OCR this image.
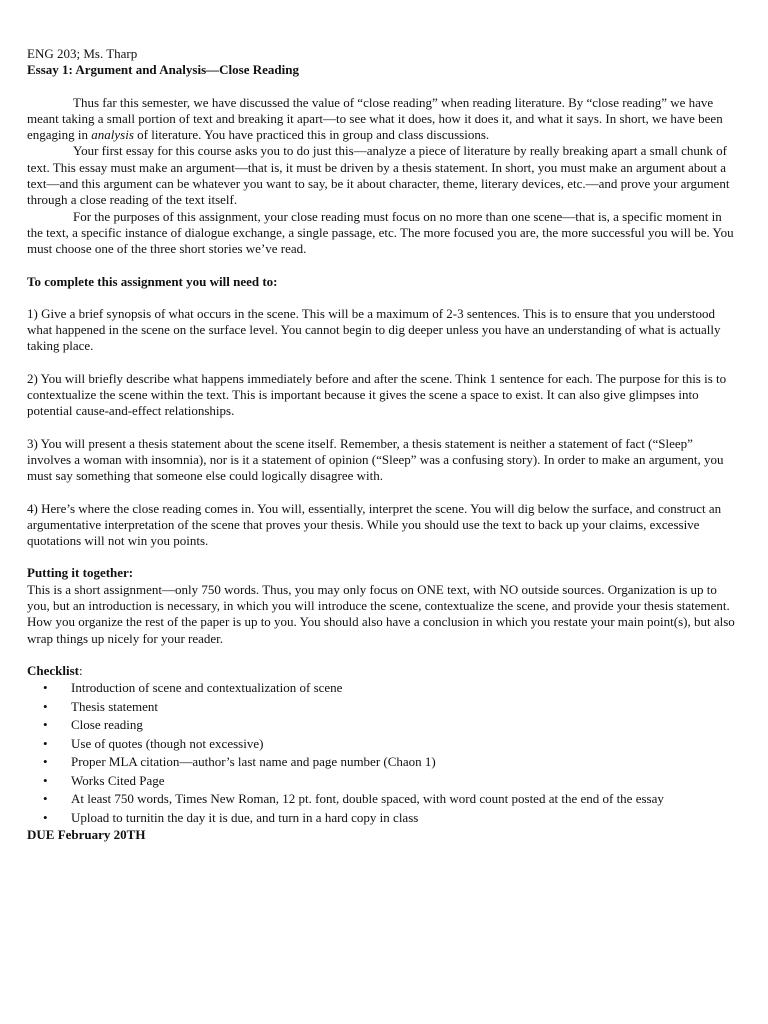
ENG 203; Ms. Tharp

Essay 1: Argument and Analysis—Close Reading

Thus far this semester, we have discussed the value of “close reading” when reading literature. By “close reading” we have meant taking a small portion of text and breaking it apart—to see what it does, how it does it, and what it says. In short, we have been engaging in analysis of literature. You have practiced this in group and class discussions.

Your first essay for this course asks you to do just this—analyze a piece of literature by really breaking apart a small chunk of text. This essay must make an argument—that is, it must be driven by a thesis statement. In short, you must make an argument about a text—and this argument can be whatever you want to say, be it about character, theme, literary devices, etc.—and prove your argument through a close reading of the text itself.

For the purposes of this assignment, your close reading must focus on no more than one scene—that is, a specific moment in the text, a specific instance of dialogue exchange, a single passage, etc. The more focused you are, the more successful you will be. You must choose one of the three short stories we’ve read.

To complete this assignment you will need to:

1) Give a brief synopsis of what occurs in the scene. This will be a maximum of 2-3 sentences. This is to ensure that you understood what happened in the scene on the surface level. You cannot begin to dig deeper unless you have an understanding of what is actually taking place.

2) You will briefly describe what happens immediately before and after the scene. Think 1 sentence for each. The purpose for this is to contextualize the scene within the text. This is important because it gives the scene a space to exist. It can also give glimpses into potential cause-and-effect relationships.

3) You will present a thesis statement about the scene itself. Remember, a thesis statement is neither a statement of fact (“Sleep” involves a woman with insomnia), nor is it a statement of opinion (“Sleep” was a confusing story). In order to make an argument, you must say something that someone else could logically disagree with.

4) Here’s where the close reading comes in. You will, essentially, interpret the scene. You will dig below the surface, and construct an argumentative interpretation of the scene that proves your thesis. While you should use the text to back up your claims, excessive quotations will not win you points.

Putting it together:

This is a short assignment—only 750 words. Thus, you may only focus on ONE text, with NO outside sources. Organization is up to you, but an introduction is necessary, in which you will introduce the scene, contextualize the scene, and provide your thesis statement. How you organize the rest of the paper is up to you. You should also have a conclusion in which you restate your main point(s), but also wrap things up nicely for your reader.

Checklist:

•	Introduction of scene and contextualization of scene
•	Thesis statement
•	Close reading
•	Use of quotes (though not excessive)
•	Proper MLA citation—author’s last name and page number (Chaon 1)
•	Works Cited Page
•	At least 750 words, Times New Roman, 12 pt. font, double spaced, with word count posted at the end of the essay
•	Upload to turnitin the day it is due, and turn in a hard copy in class

DUE February 20TH
